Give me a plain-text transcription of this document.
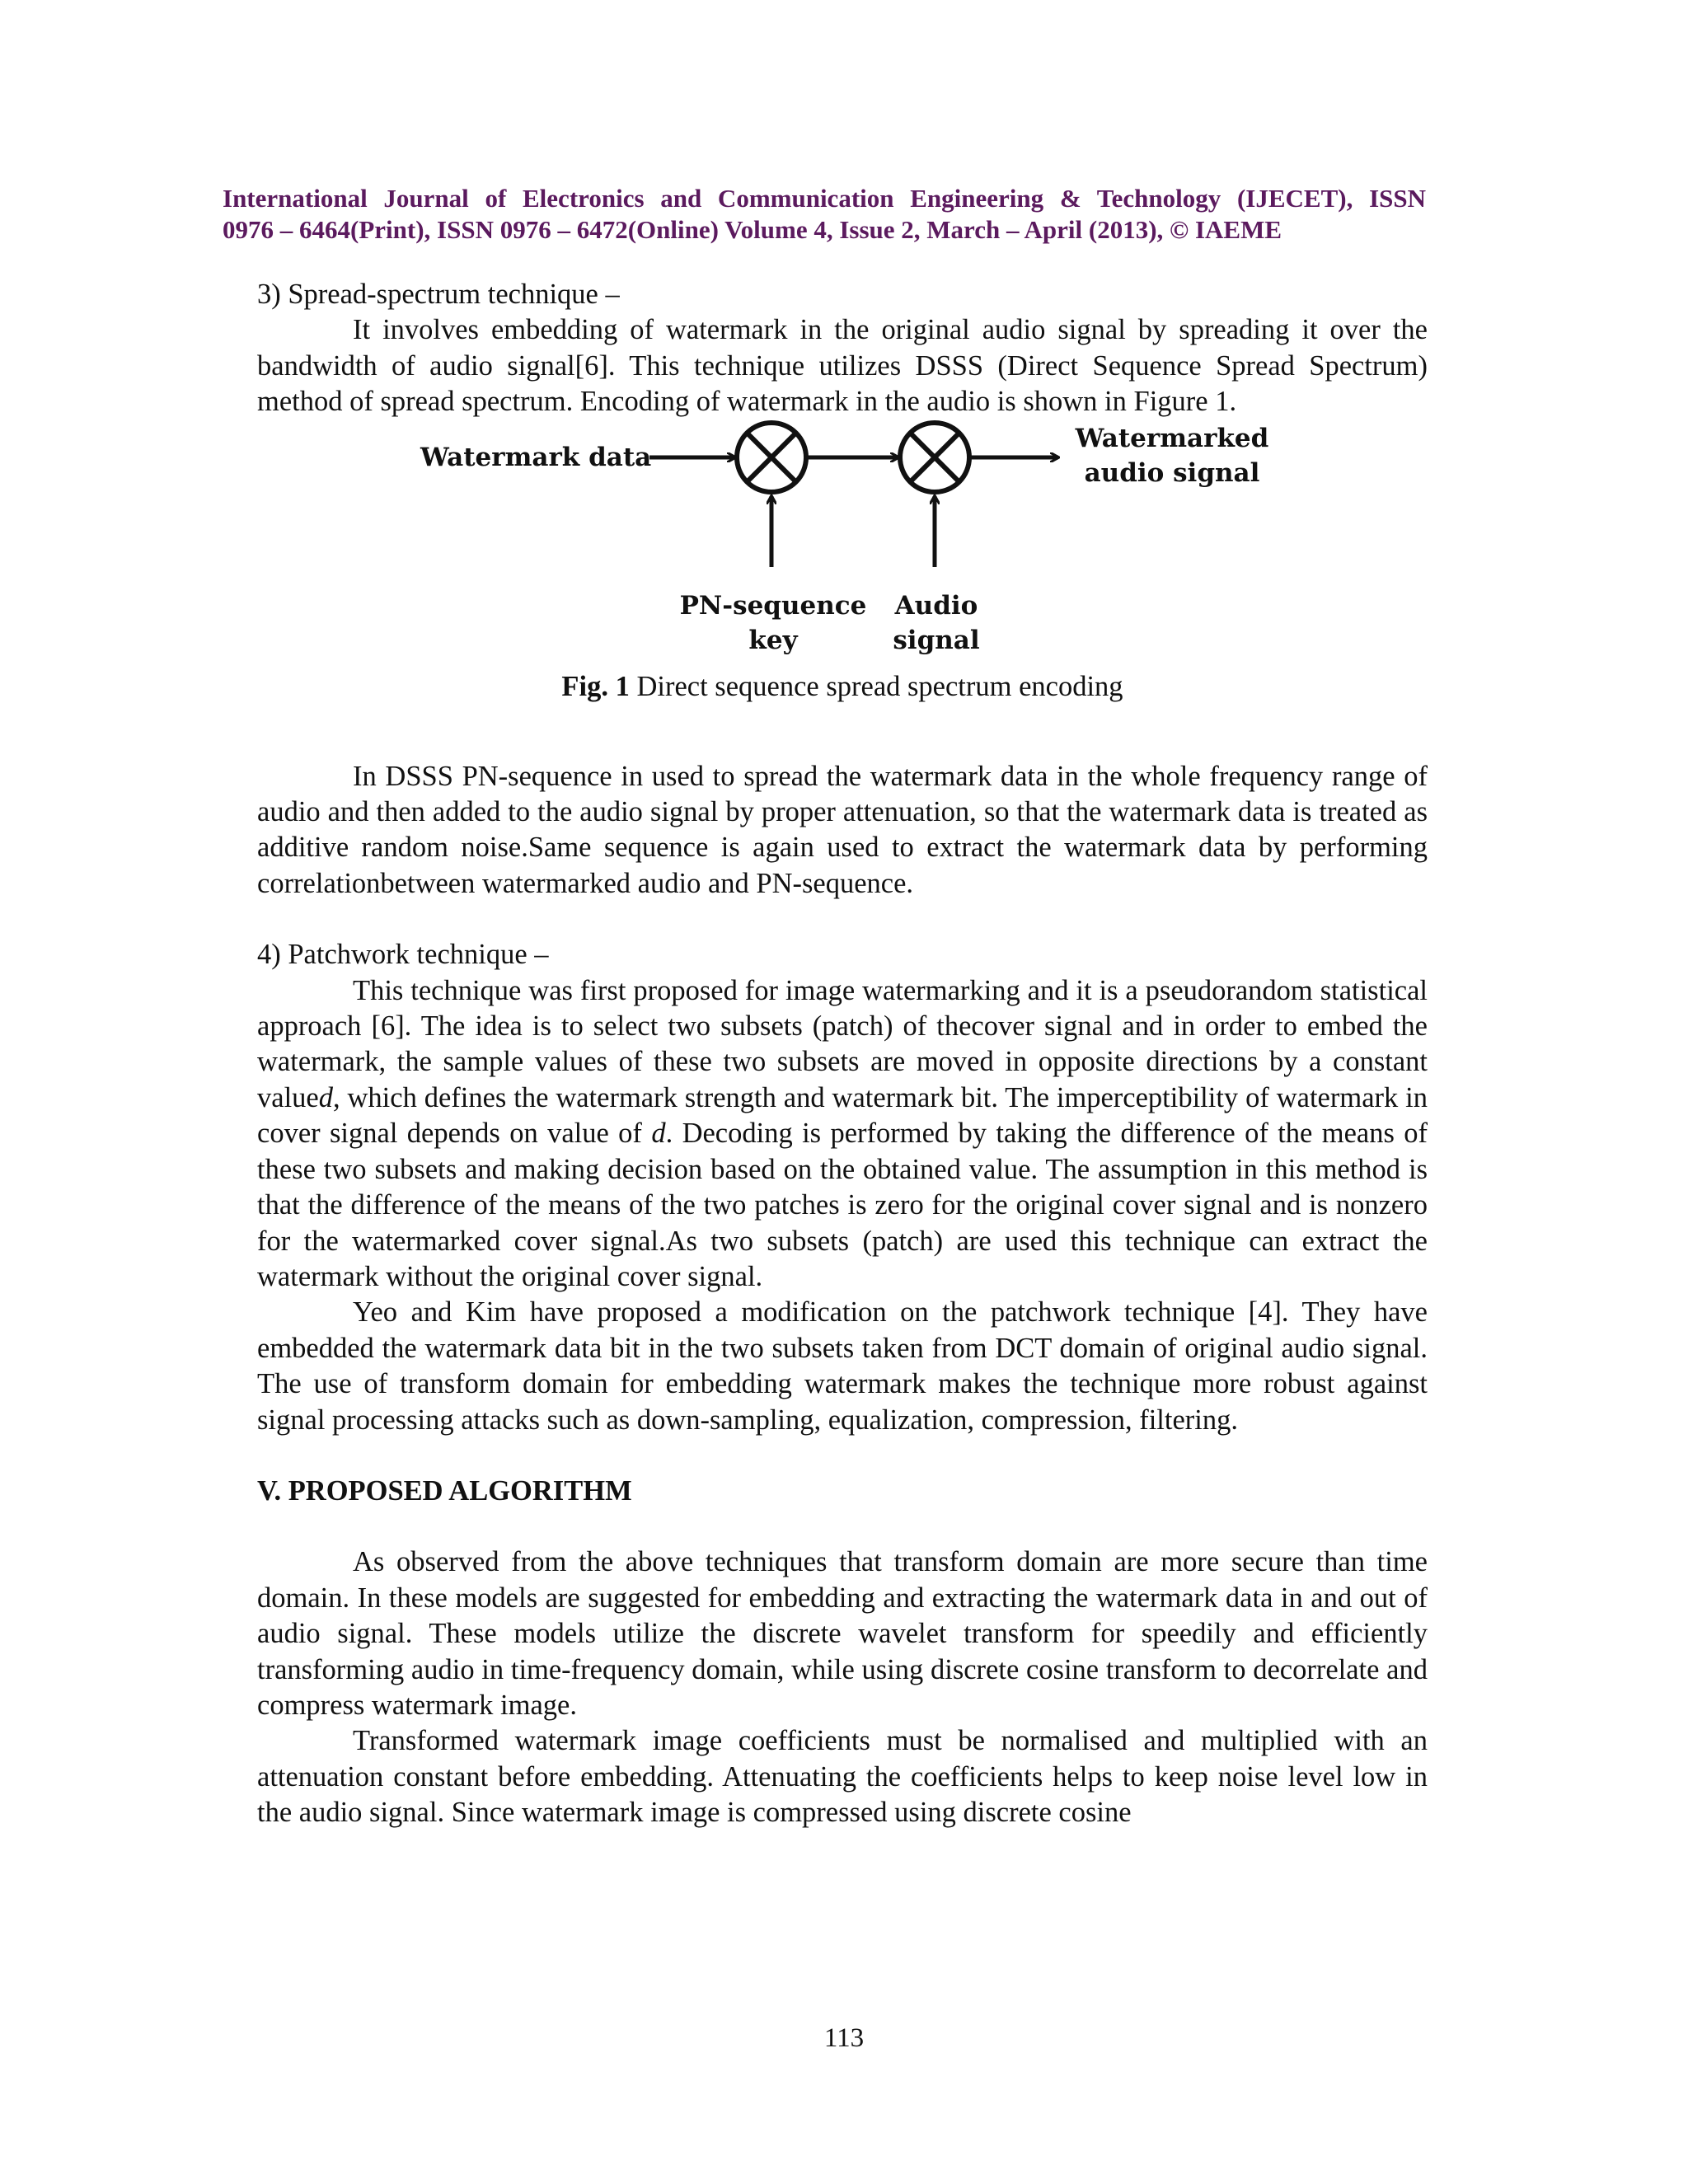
International Journal of Electronics and Communication Engineering & Technology (IJECET), ISSN
0976 – 6464(Print), ISSN 0976 – 6472(Online) Volume 4, Issue 2, March – April (2013), © IAEME

3) Spread-spectrum technique –

It involves embedding of watermark in the original audio signal by spreading it over the bandwidth of audio signal[6]. This technique utilizes DSSS (Direct Sequence Spread Spectrum) method of spread spectrum. Encoding of watermark in the audio is shown in Figure 1.

Watermark data
Watermarked
audio signal
PN-sequence
key
Audio
signal
Fig. 1 Direct sequence spread spectrum encoding

In DSSS PN-sequence in used to spread the watermark data in the whole frequency range of audio and then added to the audio signal by proper attenuation, so that the watermark data is treated as additive random noise.Same sequence is again used to extract the watermark data by performing correlationbetween watermarked audio and PN-sequence.

4) Patchwork technique –

This technique was first proposed for image watermarking and it is a pseudorandom statistical approach [6]. The idea is to select two subsets (patch) of thecover signal and in order to embed the watermark, the sample values of these two subsets are moved in opposite directions by a constant valued, which defines the watermark strength and watermark bit. The imperceptibility of watermark in cover signal depends on value of d. Decoding is performed by taking the difference of the means of these two subsets and making decision based on the obtained value. The assumption in this method is that the difference of the means of the two patches is zero for the original cover signal and is nonzero for the watermarked cover signal.As two subsets (patch) are used this technique can extract the watermark without the original cover signal.

Yeo and Kim have proposed a modification on the patchwork technique [4]. They have embedded the watermark data bit in the two subsets taken from DCT domain of original audio signal. The use of transform domain for embedding watermark makes the technique more robust against signal processing attacks such as down-sampling, equalization, compression, filtering.

V. PROPOSED ALGORITHM

As observed from the above techniques that transform domain are more secure than time domain. In these models are suggested for embedding and extracting the watermark data in and out of audio signal. These models utilize the discrete wavelet transform for speedily and efficiently transforming audio in time-frequency domain, while using discrete cosine transform to decorrelate and compress watermark image.

Transformed watermark image coefficients must be normalised and multiplied with an attenuation constant before embedding. Attenuating the coefficients helps to keep noise level low in the audio signal. Since watermark image is compressed using discrete cosine

113
